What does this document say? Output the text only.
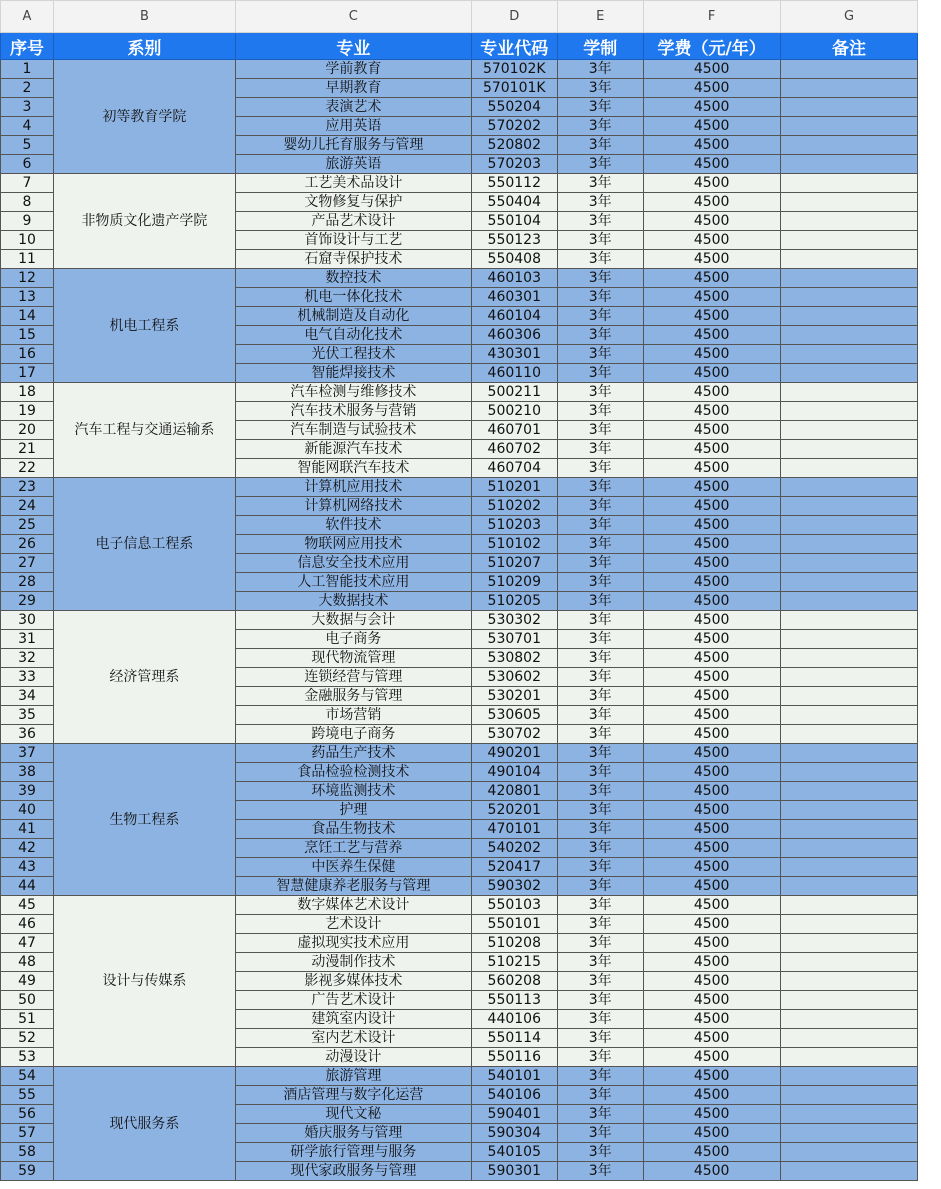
A	B	C	D	E	F	G	
序号	系别	专业	专业代码	学制	学费（元/年）	备注	
1	初等教育学院	学前教育	570102K	3年	4500		
2		早期教育	570101K	3年	4500		
3		表演艺术	550204	3年	4500		
4		应用英语	570202	3年	4500		
5		婴幼儿托育服务与管理	520802	3年	4500		
6		旅游英语	570203	3年	4500		
7	非物质文化遗产学院	工艺美术品设计	550112	3年	4500		
8		文物修复与保护	550404	3年	4500		
9		产品艺术设计	550104	3年	4500		
10		首饰设计与工艺	550123	3年	4500		
11		石窟寺保护技术	550408	3年	4500		
12	机电工程系	数控技术	460103	3年	4500		
13		机电一体化技术	460301	3年	4500		
14		机械制造及自动化	460104	3年	4500		
15		电气自动化技术	460306	3年	4500		
16		光伏工程技术	430301	3年	4500		
17		智能焊接技术	460110	3年	4500		
18	汽车工程与交通运输系	汽车检测与维修技术	500211	3年	4500		
19		汽车技术服务与营销	500210	3年	4500		
20		汽车制造与试验技术	460701	3年	4500		
21		新能源汽车技术	460702	3年	4500		
22		智能网联汽车技术	460704	3年	4500		
23	电子信息工程系	计算机应用技术	510201	3年	4500		
24		计算机网络技术	510202	3年	4500		
25		软件技术	510203	3年	4500		
26		物联网应用技术	510102	3年	4500		
27		信息安全技术应用	510207	3年	4500		
28		人工智能技术应用	510209	3年	4500		
29		大数据技术	510205	3年	4500		
30	经济管理系	大数据与会计	530302	3年	4500		
31		电子商务	530701	3年	4500		
32		现代物流管理	530802	3年	4500		
33		连锁经营与管理	530602	3年	4500		
34		金融服务与管理	530201	3年	4500		
35		市场营销	530605	3年	4500		
36		跨境电子商务	530702	3年	4500		
37	生物工程系	药品生产技术	490201	3年	4500		
38		食品检验检测技术	490104	3年	4500		
39		环境监测技术	420801	3年	4500		
40		护理	520201	3年	4500		
41		食品生物技术	470101	3年	4500		
42		烹饪工艺与营养	540202	3年	4500		
43		中医养生保健	520417	3年	4500		
44		智慧健康养老服务与管理	590302	3年	4500		
45	设计与传媒系	数字媒体艺术设计	550103	3年	4500		
46		艺术设计	550101	3年	4500		
47		虚拟现实技术应用	510208	3年	4500		
48		动漫制作技术	510215	3年	4500		
49		影视多媒体技术	560208	3年	4500		
50		广告艺术设计	550113	3年	4500		
51		建筑室内设计	440106	3年	4500		
52		室内艺术设计	550114	3年	4500		
53		动漫设计	550116	3年	4500		
54	现代服务系	旅游管理	540101	3年	4500		
55		酒店管理与数字化运营	540106	3年	4500		
56		现代文秘	590401	3年	4500		
57		婚庆服务与管理	590304	3年	4500		
58		研学旅行管理与服务	540105	3年	4500		
59		现代家政服务与管理	590301	3年	4500		
